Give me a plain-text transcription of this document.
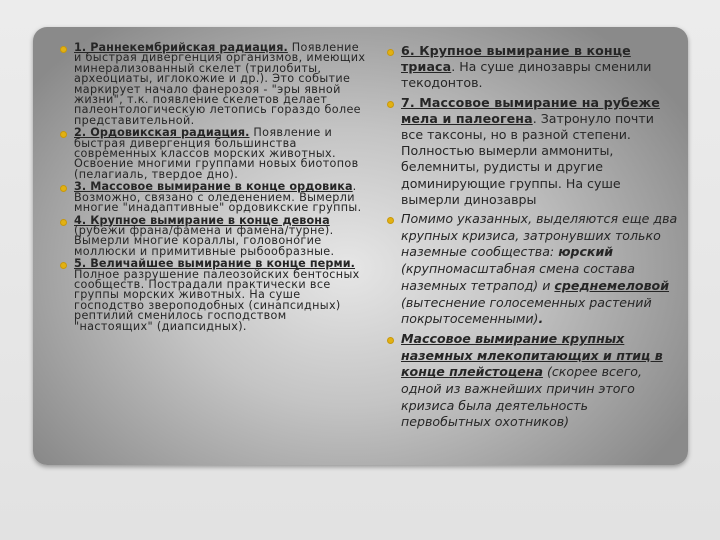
1. Раннекембрийская радиация. Появление и быстрая дивергенция организмов, имеющих минерализованный скелет (трилобиты, археоциаты, иглокожие и др.). Это событие маркирует начало фанерозоя - "эры явной жизни", т.к. появление скелетов делает палеонтологическую летопись гораздо более представительной.
2. Ордовикская радиация. Появление и быстрая дивергенция большинства современных классов морских животных. Освоение многими группами новых биотопов (пелагиаль, твердое дно).
3. Массовое вымирание в конце ордовика. Возможно, связано с оледенением. Вымерли многие "инадаптивные" ордовикские группы.
4. Крупное вымирание в конце девона (рубежи франа/фамена и фамена/турне). Вымерли многие кораллы, головоногие моллюски и примитивные рыбообразные.
5. Величайшее вымирание в конце перми. Полное разрушение палеозойских бентосных сообществ. Пострадали практически все группы морских животных. На суше господство звероподобных (синапсидных) рептилий сменилось господством "настоящих" (диапсидных).
6. Крупное вымирание в конце триаса. На суше динозавры сменили текодонтов.
7. Массовое вымирание на рубеже мела и палеогена. Затронуло почти все таксоны, но в разной степени. Полностью вымерли аммониты, белемниты, рудисты и другие доминирующие группы. На суше вымерли динозавры
Помимо указанных, выделяются еще два крупных кризиса, затронувших только наземные сообщества: юрский (крупномасштабная смена состава наземных тетрапод) и среднемеловой (вытеснение голосеменных растений покрытосеменными).
Массовое вымирание крупных наземных млекопитающих и птиц в конце плейстоцена (скорее всего, одной из важнейших причин этого кризиса была деятельность первобытных охотников)
